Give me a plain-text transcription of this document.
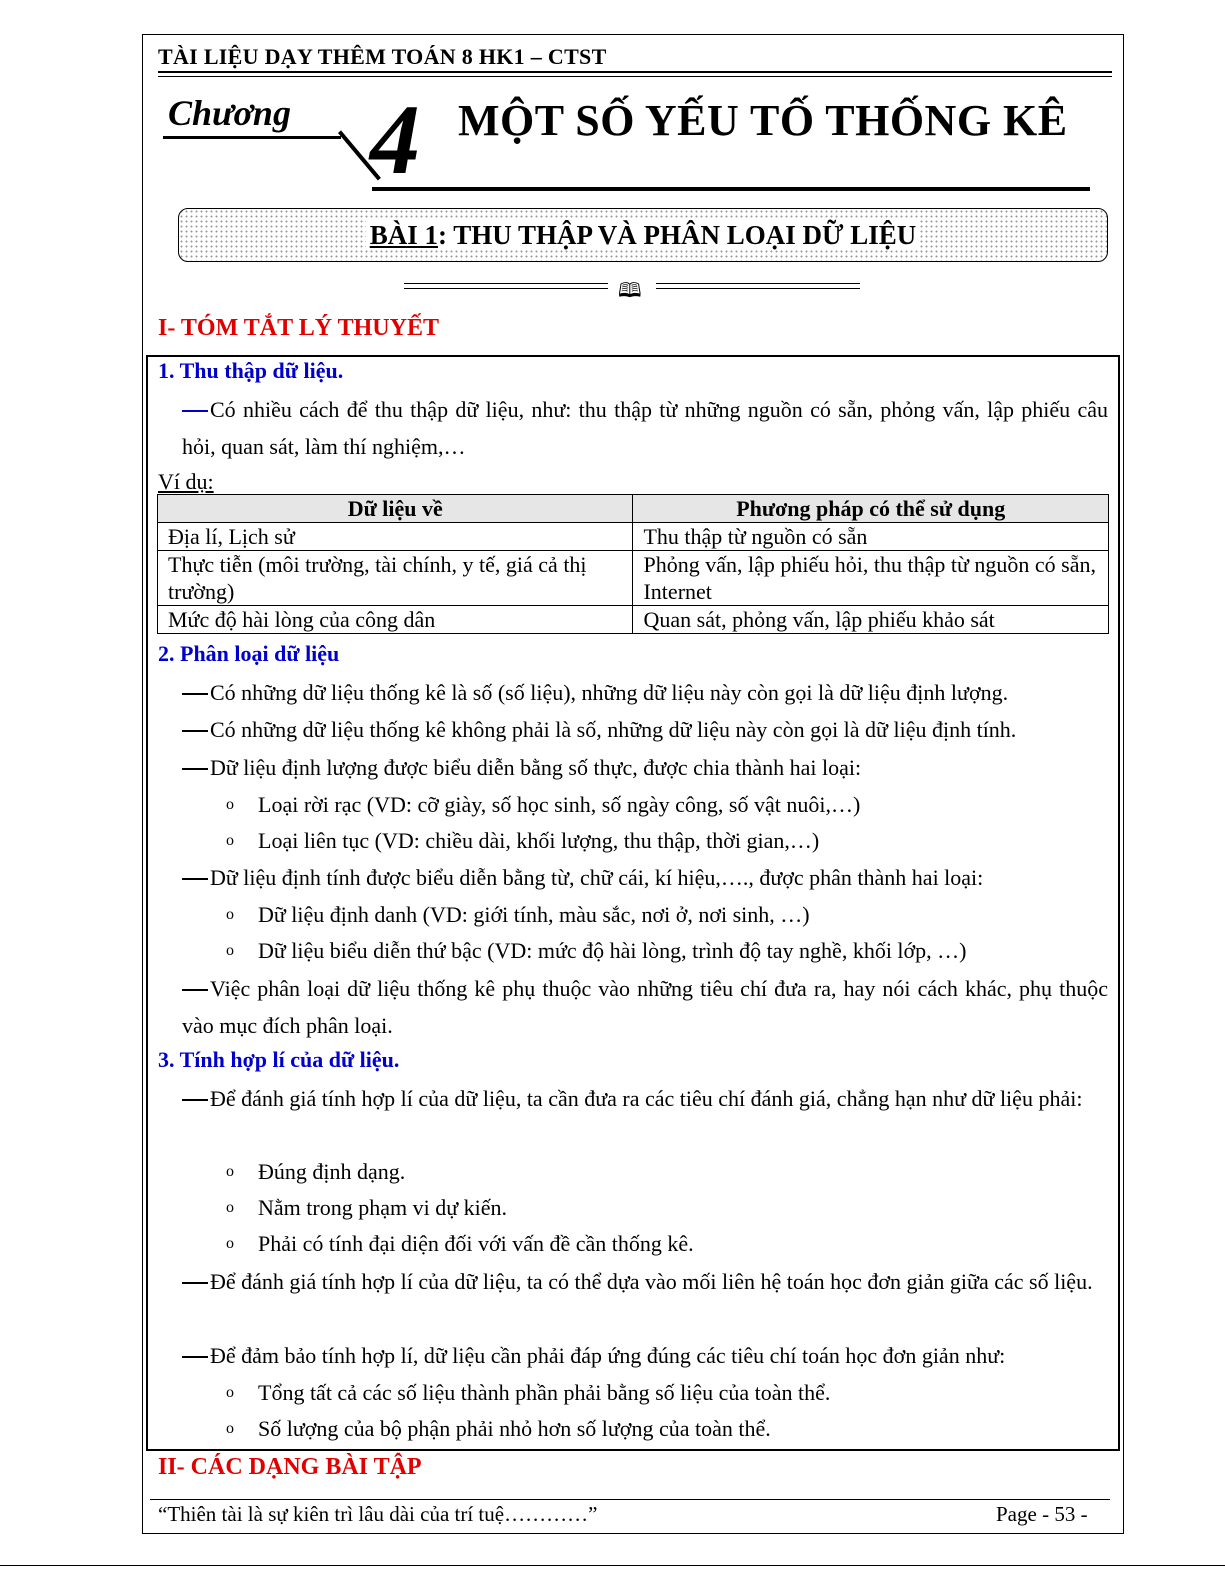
TÀI LIỆU DẠY THÊM TOÁN 8 HK1 – CTST
Chương 4 MỘT SỐ YẾU TỐ THỐNG KÊ
BÀI 1: THU THẬP VÀ PHÂN LOẠI DỮ LIỆU
🕮
I- TÓM TẮT LÝ THUYẾT
1. Thu thập dữ liệu.
Có nhiều cách để thu thập dữ liệu, như: thu thập từ những nguồn có sẵn, phỏng vấn, lập phiếu câu hỏi, quan sát, làm thí nghiệm,…
Ví dụ:
Dữ liệu về	Phương pháp có thể sử dụng
Địa lí, Lịch sử	Thu thập từ nguồn có sẵn
Thực tiễn (môi trường, tài chính, y tế, giá cả thị trường)	Phỏng vấn, lập phiếu hỏi, thu thập từ nguồn có sẵn, Internet
Mức độ hài lòng của công dân	Quan sát, phỏng vấn, lập phiếu khảo sát
2. Phân loại dữ liệu
Có những dữ liệu thống kê là số (số liệu), những dữ liệu này còn gọi là dữ liệu định lượng.
Có những dữ liệu thống kê không phải là số, những dữ liệu này còn gọi là dữ liệu định tính.
Dữ liệu định lượng được biểu diễn bằng số thực, được chia thành hai loại:
o Loại rời rạc (VD: cỡ giày, số học sinh, số ngày công, số vật nuôi,…)
o Loại liên tục (VD: chiều dài, khối lượng, thu thập, thời gian,…)
Dữ liệu định tính được biểu diễn bằng từ, chữ cái, kí hiệu,…., được phân thành hai loại:
o Dữ liệu định danh (VD: giới tính, màu sắc, nơi ở, nơi sinh, …)
o Dữ liệu biểu diễn thứ bậc (VD: mức độ hài lòng, trình độ tay nghề, khối lớp, …)
Việc phân loại dữ liệu thống kê phụ thuộc vào những tiêu chí đưa ra, hay nói cách khác, phụ thuộc vào mục đích phân loại.
3. Tính hợp lí của dữ liệu.
Để đánh giá tính hợp lí của dữ liệu, ta cần đưa ra các tiêu chí đánh giá, chẳng hạn như dữ liệu phải:
o Đúng định dạng.
o Nằm trong phạm vi dự kiến.
o Phải có tính đại diện đối với vấn đề cần thống kê.
Để đánh giá tính hợp lí của dữ liệu, ta có thể dựa vào mối liên hệ toán học đơn giản giữa các số liệu.
Để đảm bảo tính hợp lí, dữ liệu cần phải đáp ứng đúng các tiêu chí toán học đơn giản như:
o Tổng tất cả các số liệu thành phần phải bằng số liệu của toàn thể.
o Số lượng của bộ phận phải nhỏ hơn số lượng của toàn thể.
II- CÁC DẠNG BÀI TẬP
“Thiên tài là sự kiên trì lâu dài của trí tuệ…………”	Page - 53 -
